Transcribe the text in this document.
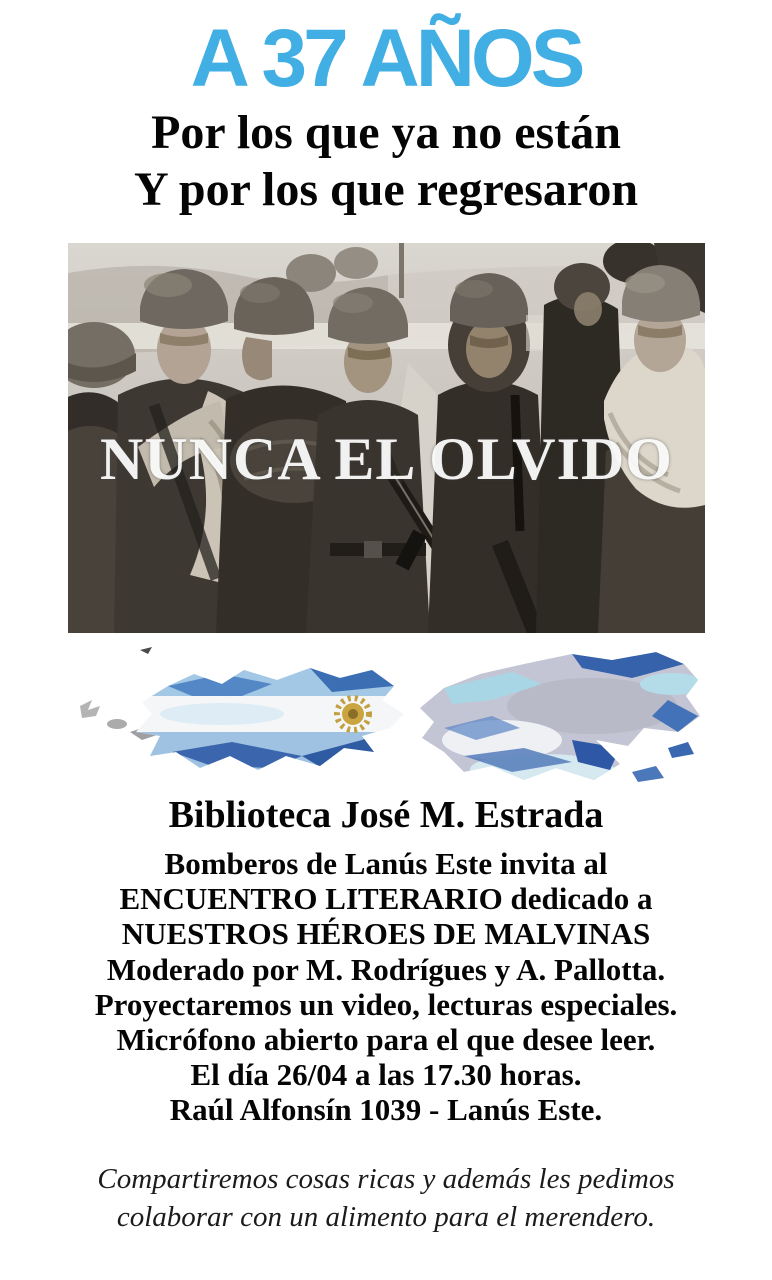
A 37 AÑOS
Por los que ya no están
Y por los que regresaron
NUNCA EL OLVIDO
Biblioteca José M. Estrada

Bomberos de Lanús Este invita al

ENCUENTRO LITERARIO dedicado a

NUESTROS HÉROES DE MALVINAS

Moderado por M. Rodrígues y A. Pallotta.

Proyectaremos un video, lecturas especiales.

Micrófono abierto para el que desee leer.

El día 26/04 a las 17.30 horas.

Raúl Alfonsín 1039 - Lanús Este.

Compartiremos cosas ricas y además les pedimos

colaborar con un alimento para el merendero.
